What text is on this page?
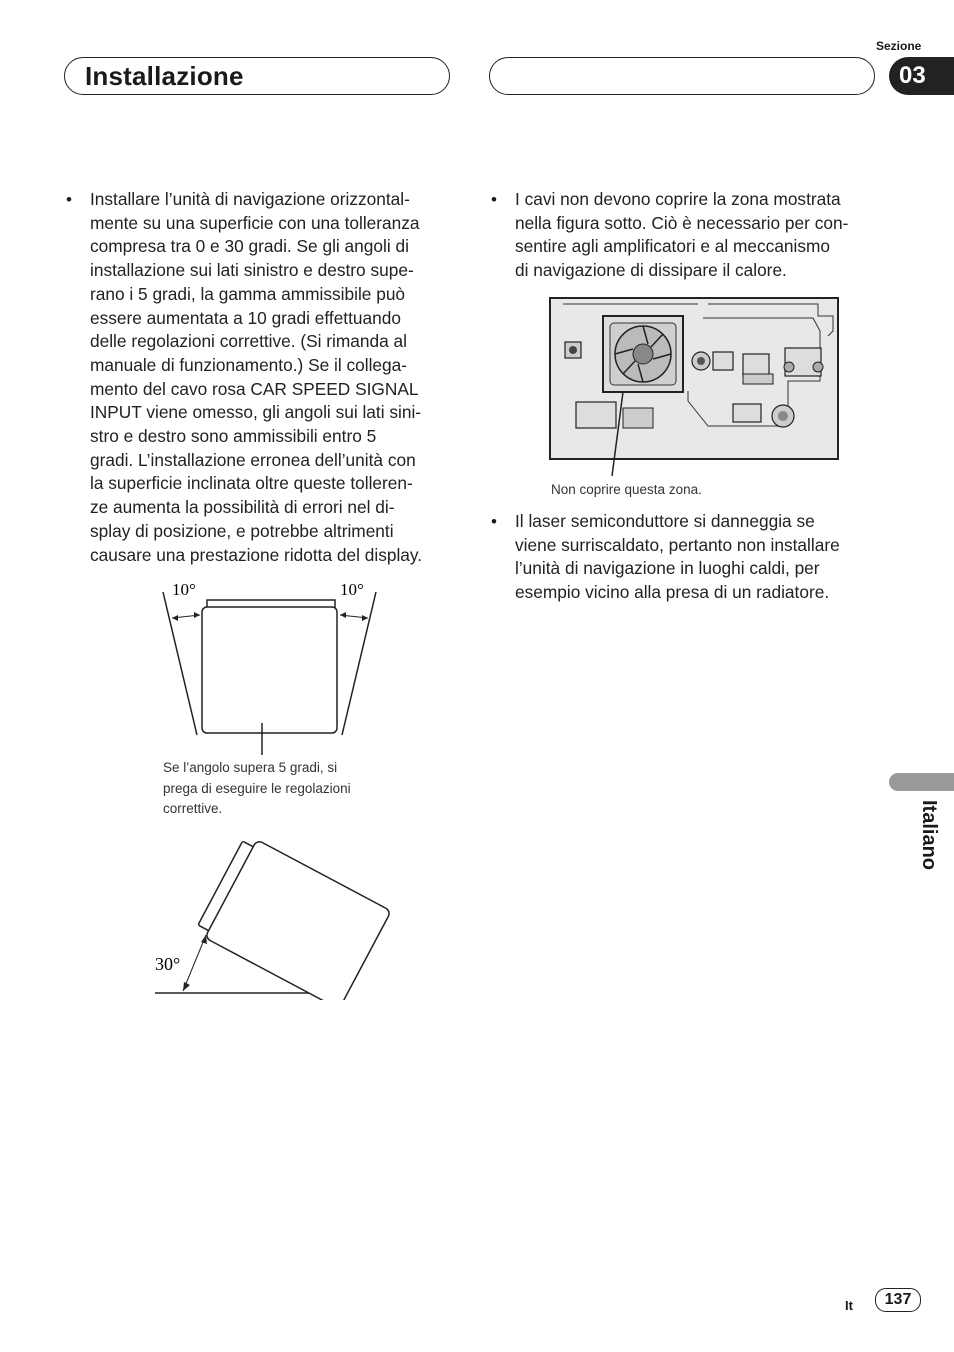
Installazione
Sezione
03
• Installare l’unità di navigazione orizzontal-
mente su una superficie con una tolleranza
compresa tra 0 e 30 gradi. Se gli angoli di
installazione sui lati sinistro e destro supe-
rano i 5 gradi, la gamma ammissibile può
essere aumentata a 10 gradi effettuando
delle regolazioni correttive. (Si rimanda al
manuale di funzionamento.) Se il collega-
mento del cavo rosa CAR SPEED SIGNAL
INPUT viene omesso, gli angoli sui lati sini-
stro e destro sono ammissibili entro 5
gradi. L’installazione erronea dell’unità con
la superficie inclinata oltre queste tolleren-
ze aumenta la possibilità di errori nel di-
splay di posizione, e potrebbe altrimenti
causare una prestazione ridotta del display.
10°	10°
Se l’angolo supera 5 gradi, si
prega di eseguire le regolazioni
correttive.
30°
• I cavi non devono coprire la zona mostrata
nella figura sotto. Ciò è necessario per con-
sentire agli amplificatori e al meccanismo
di navigazione di dissipare il calore.
Non coprire questa zona.
• Il laser semiconduttore si danneggia se
viene surriscaldato, pertanto non installare
l’unità di navigazione in luoghi caldi, per
esempio vicino alla presa di un radiatore.
Italiano
It	137
